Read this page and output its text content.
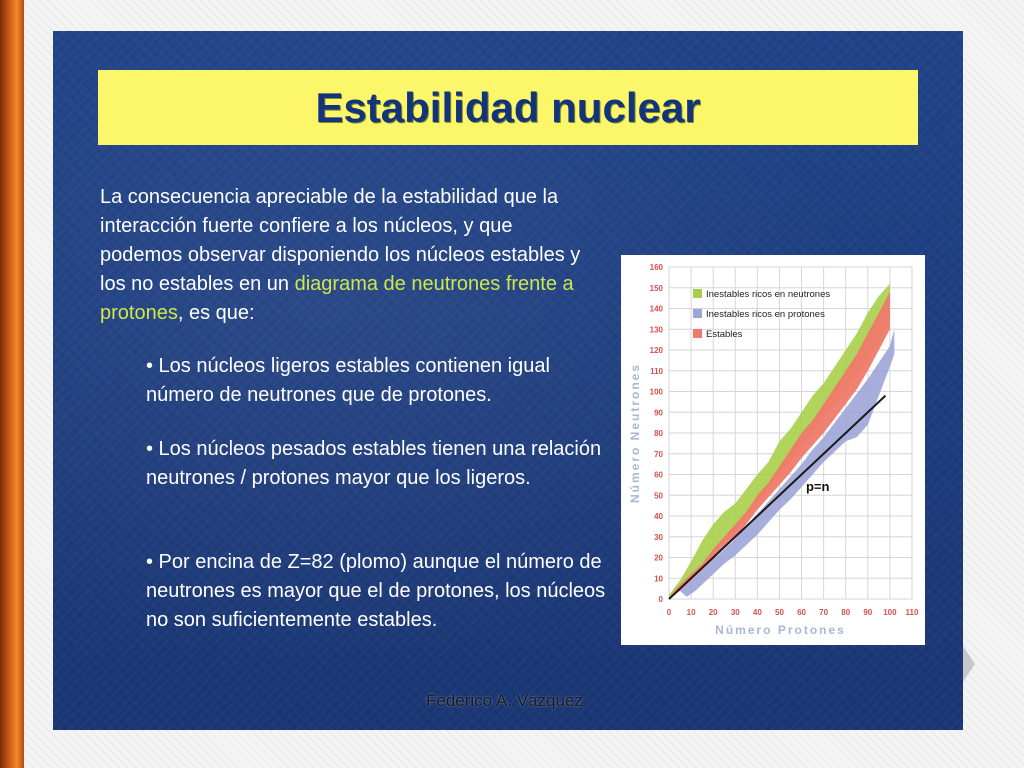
Estabilidad nuclear
La consecuencia apreciable de la estabilidad que la interacción fuerte confiere a los núcleos, y que podemos observar disponiendo los núcleos estables y los no estables en un diagrama de neutrones frente a protones, es que:
• Los núcleos ligeros estables contienen igual número de neutrones que de protones.
• Los núcleos pesados estables tienen una relación neutrones / protones mayor que los ligeros.
• Por encina de Z=82 (plomo) aunque el número de neutrones es mayor que el de protones, los núcleos no son suficientemente estables.
p=n
0 10 20 30 40 50 60 70 80 90 100 110
0
10
20
30
40
50
60
70
80
90
100
110
120
130
140
150
160
Número Protones
Número Neutrones
Inestables ricos en neutrones
Inestables ricos en protones
Estables
Federico A. Vázquez
